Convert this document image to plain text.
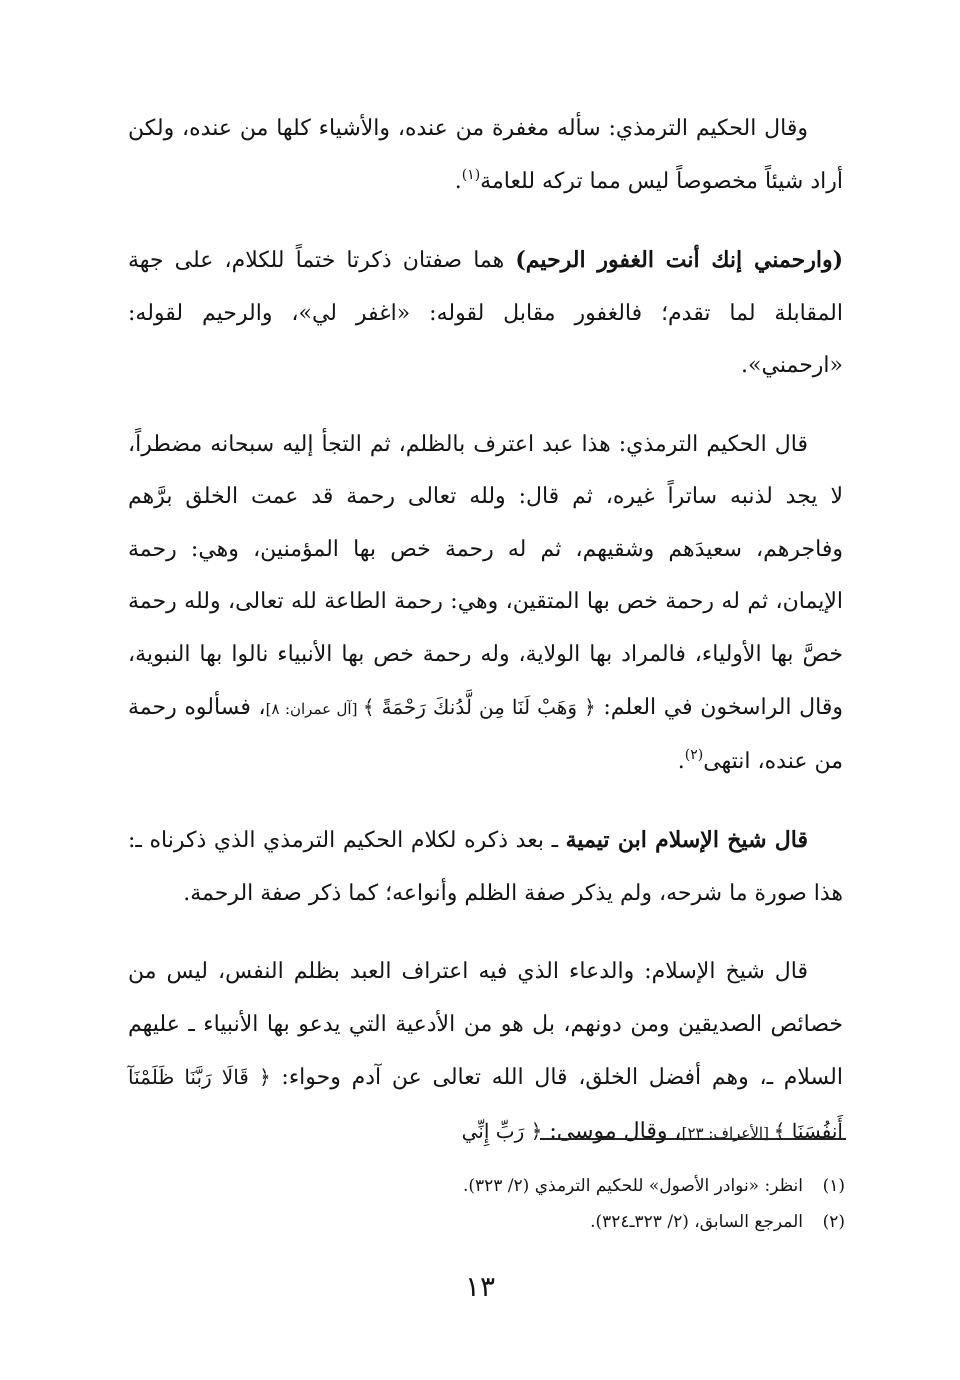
وقال الحكيم الترمذي: سأله مغفرة من عنده، والأشياء كلها من عنده، ولكن أراد شيئاً مخصوصاً ليس مما تركه للعامة$^{(١)}$.

(وارحمني إنك أنت الغفور الرحيم) هما صفتان ذكرتا ختماً للكلام، على جهة المقابلة لما تقدم؛ فالغفور مقابل لقوله: «اغفر لي»، والرحيم لقوله: «ارحمني».

قال الحكيم الترمذي: هذا عبد اعترف بالظلم، ثم التجأ إليه سبحانه مضطراً، لا يجد لذنبه ساتراً غيره، ثم قال: ولله تعالى رحمة قد عمت الخلق برَّهم وفاجرهم، سعيدَهم وشقيهم، ثم له رحمة خص بها المؤمنين، وهي: رحمة الإيمان، ثم له رحمة خص بها المتقين، وهي: رحمة الطاعة لله تعالى، ولله رحمة خصَّ بها الأولياء، فالمراد بها الولاية، وله رحمة خص بها الأنبياء نالوا بها النبوية، وقال الراسخون في العلم: ﴿ وَهَبْ لَنَا مِن لَّدُنكَ رَحْمَةً ﴾ [آل عمران: ٨]، فسألوه رحمة من عنده، انتهى$^{(٢)}$.

قال شيخ الإسلام ابن تيمية ـ بعد ذكره لكلام الحكيم الترمذي الذي ذكرناه ـ: هذا صورة ما شرحه، ولم يذكر صفة الظلم وأنواعه؛ كما ذكر صفة الرحمة.

قال شيخ الإسلام: والدعاء الذي فيه اعتراف العبد بظلم النفس، ليس من خصائص الصديقين ومن دونهم، بل هو من الأدعية التي يدعو بها الأنبياء ـ عليهم السلام ـ، وهم أفضل الخلق، قال الله تعالى عن آدم وحواء: ﴿ قَالَا رَبَّنَا ظَلَمْنَآ أَنفُسَنَا ﴾ [الأعراف: ٢٣]، وقال موسى: ﴿ رَبِّ إِنِّي

(١)انظر: «نوادر الأصول» للحكيم الترمذي (٢/ ٣٢٣).
(٢)المرجع السابق، (٢/ ٣٢٣ـ٣٢٤).
١٣
